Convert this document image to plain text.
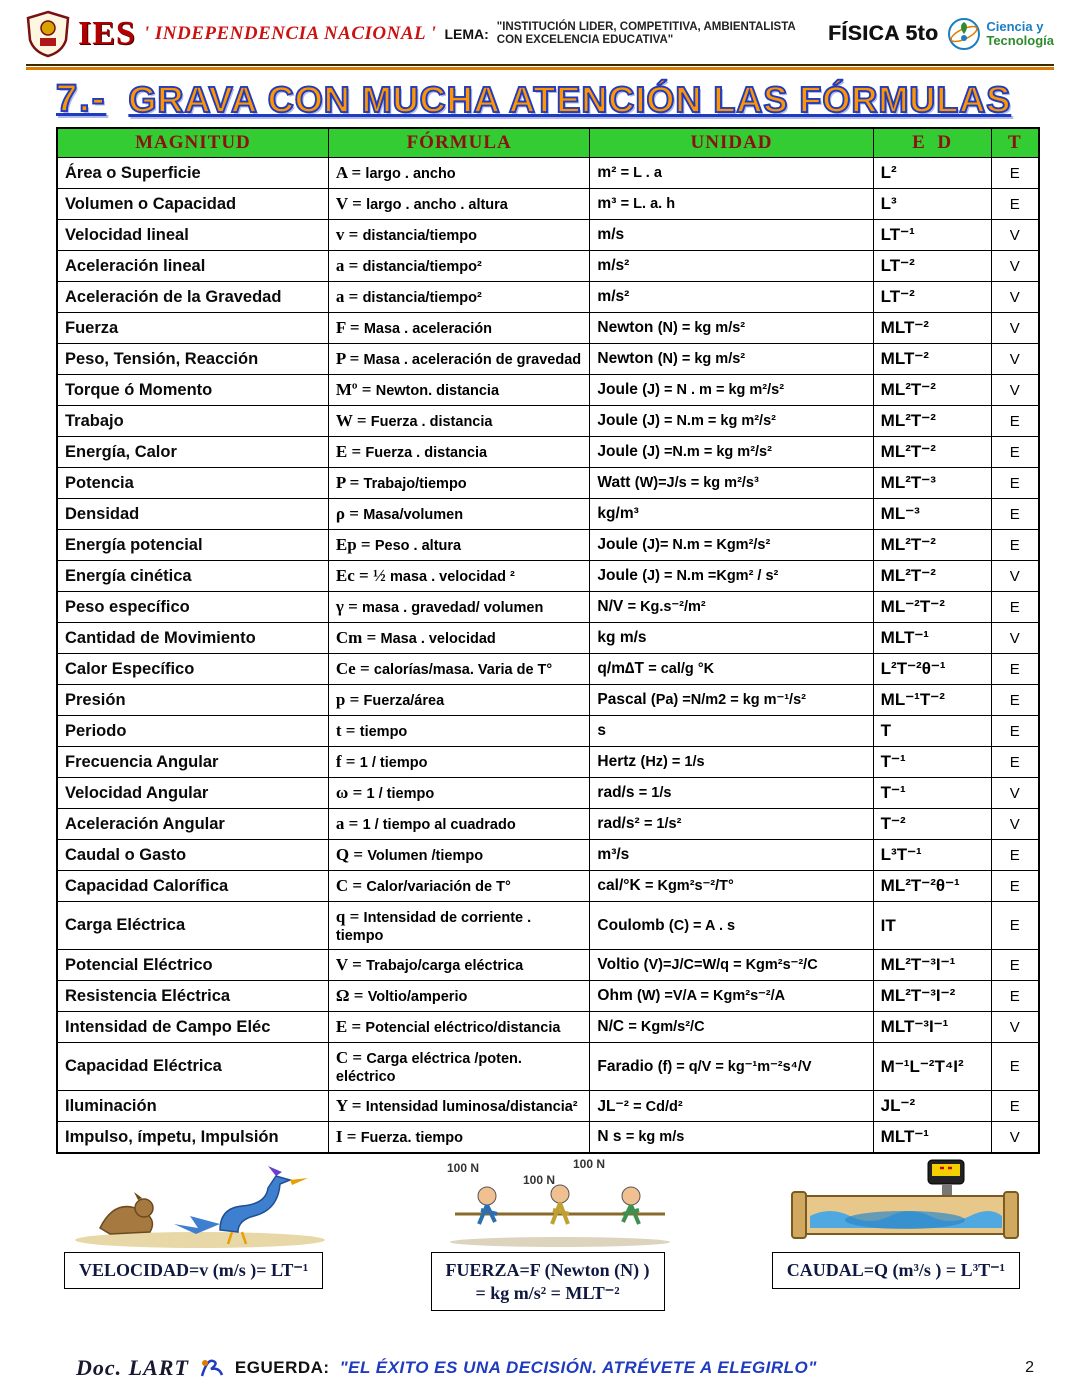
IES ' INDEPENDENCIA NACIONAL ' LEMA: "INSTITUCIÓN LIDER, COMPETITIVA, AMBIENTALISTA CON EXCELENCIA EDUCATIVA"	FÍSICA 5to	Ciencia y
Tecnología
7.- GRAVA CON MUCHA ATENCIÓN LAS FÓRMULAS
MAGNITUD	FÓRMULA	UNIDAD	E  D	T
Área o Superficie	A = largo . ancho	m² = L . a	L²	E
Volumen o Capacidad	V = largo . ancho . altura	m³ = L. a. h	L³	E
Velocidad lineal	v = distancia/tiempo	m/s	LT⁻¹	V
Aceleración lineal	a = distancia/tiempo²	m/s²	LT⁻²	V
Aceleración de la Gravedad	a = distancia/tiempo²	m/s²	LT⁻²	V
Fuerza	F = Masa . aceleración	Newton (N) = kg m/s²	MLT⁻²	V
Peso, Tensión, Reacción	P = Masa . aceleración de gravedad	Newton (N) = kg m/s²	MLT⁻²	V
Torque ó Momento	Mº = Newton. distancia	Joule (J) = N . m = kg m²/s²	ML²T⁻²	V
Trabajo	W = Fuerza . distancia	Joule (J) = N.m = kg m²/s²	ML²T⁻²	E
Energía, Calor	E = Fuerza . distancia	Joule (J) =N.m = kg m²/s²	ML²T⁻²	E
Potencia	P = Trabajo/tiempo	Watt (W)=J/s = kg m²/s³	ML²T⁻³	E
Densidad	ρ = Masa/volumen	kg/m³	ML⁻³	E
Energía potencial	Ep = Peso . altura	Joule (J)= N.m = Kgm²/s²	ML²T⁻²	E
Energía cinética	Ec = ½ masa . velocidad ²	Joule (J) = N.m =Kgm² / s²	ML²T⁻²	V
Peso específico	γ = masa . gravedad/ volumen	N/V = Kg.s⁻²/m²	ML⁻²T⁻²	E
Cantidad de Movimiento	Cm = Masa . velocidad	kg m/s	MLT⁻¹	V
Calor Específico	Ce = calorías/masa. Varia de T°	q/m∆T = cal/g °K	L²T⁻²θ⁻¹	E
Presión	p = Fuerza/área	Pascal (Pa) =N/m2 = kg m⁻¹/s²	ML⁻¹T⁻²	E
Periodo	t = tiempo	s	T	E
Frecuencia Angular	f = 1 / tiempo	Hertz (Hz) = 1/s	T⁻¹	E
Velocidad Angular	ω = 1 / tiempo	rad/s = 1/s	T⁻¹	V
Aceleración Angular	a = 1 / tiempo al cuadrado	rad/s² = 1/s²	T⁻²	V
Caudal o Gasto	Q = Volumen /tiempo	m³/s	L³T⁻¹	E
Capacidad Calorífica	C = Calor/variación de T°	cal/°K = Kgm²s⁻²/T°	ML²T⁻²θ⁻¹	E
Carga Eléctrica	q = Intensidad de corriente . tiempo	Coulomb (C) = A . s	IT	E
Potencial Eléctrico	V = Trabajo/carga eléctrica	Voltio (V)=J/C=W/q = Kgm²s⁻²/C	ML²T⁻³I⁻¹	E
Resistencia Eléctrica	Ω = Voltio/amperio	Ohm (W) =V/A = Kgm²s⁻²/A	ML²T⁻³I⁻²	E
Intensidad de Campo Eléc	E = Potencial eléctrico/distancia	N/C = Kgm/s²/C	MLT⁻³I⁻¹	V
Capacidad Eléctrica	C = Carga eléctrica /poten. eléctrico	Faradio (f) = q/V = kg⁻¹m⁻²s⁴/V	M⁻¹L⁻²T⁴I²	E
Iluminación	Y = Intensidad luminosa/distancia²	JL⁻² = Cd/d²	JL⁻²	E
Impulso, ímpetu, Impulsión	I = Fuerza. tiempo	N s = kg m/s	MLT⁻¹	V
100 N	100 N
100 N
VELOCIDAD=v (m/s )= LT⁻¹	FUERZA=F (Newton (N) )
= kg m/s² = MLT⁻²
CAUDAL=Q (m³/s ) = L³T⁻¹
Doc. LART	EGUERDA: "EL ÉXITO ES UNA DECISIÓN. ATRÉVETE A ELEGIRLO"	2
